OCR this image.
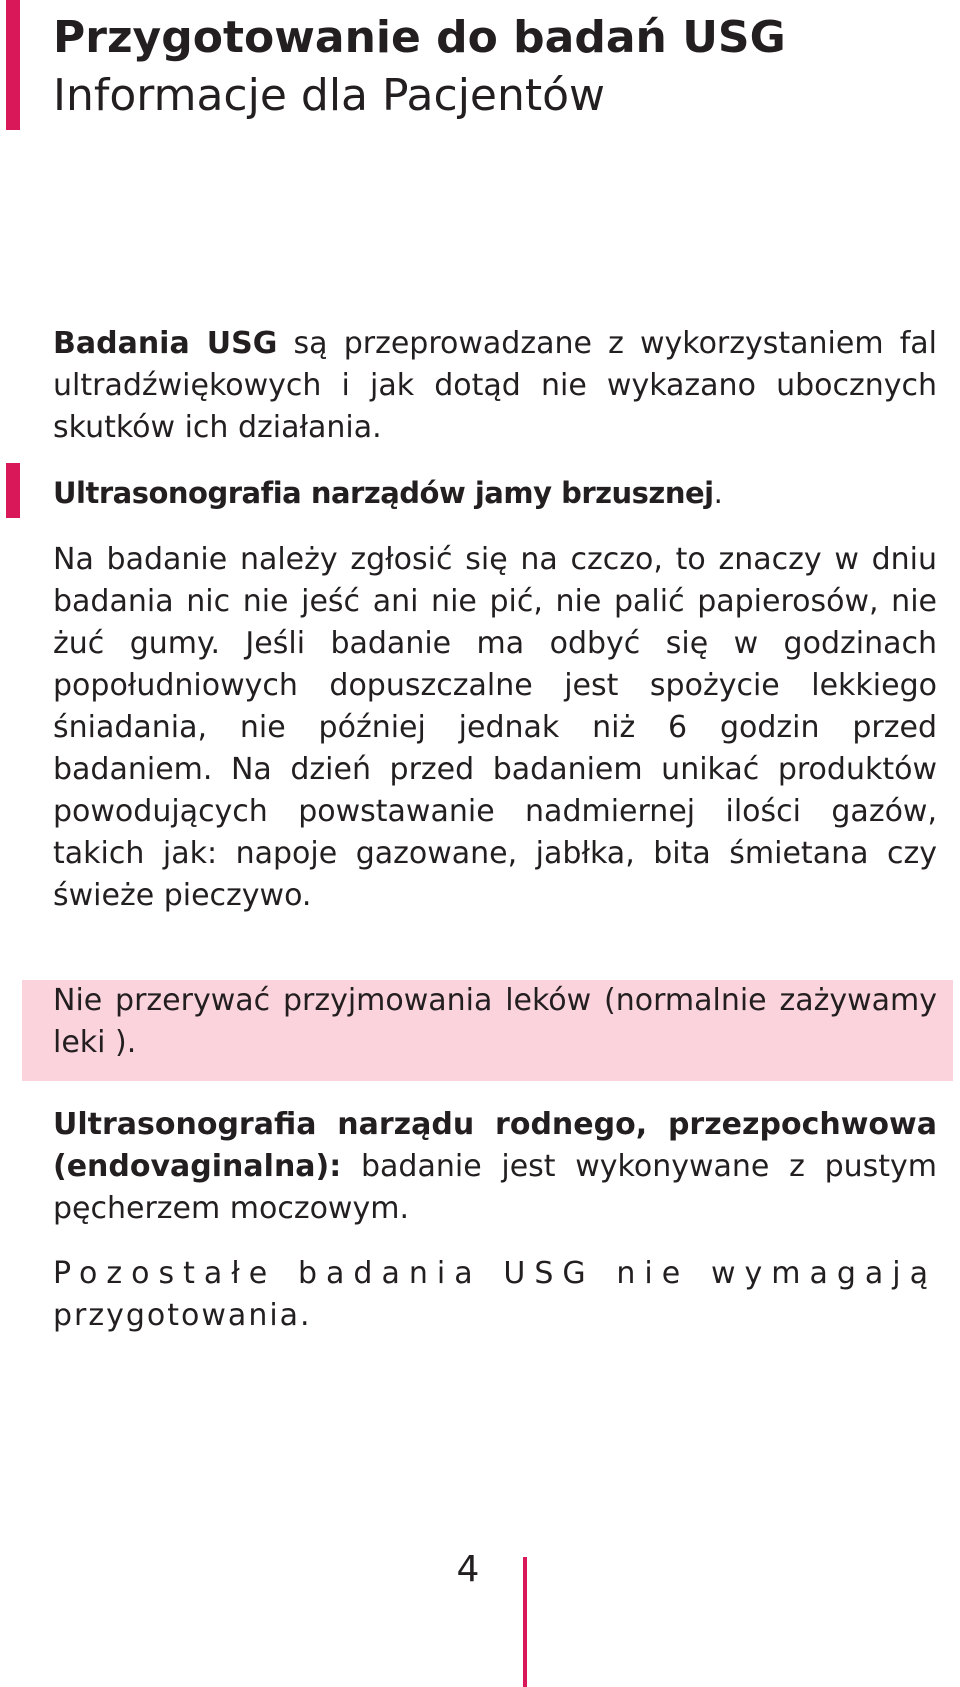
Przygotowanie do badań USG
Informacje dla Pacjentów

Badania USG są przeprowadzane z wykorzystaniem fal ultradźwiękowych i jak dotąd nie wykazano ubocznych skutków ich działania.

Ultrasonografia narządów jamy brzusznej.

Na badanie należy zgłosić się na czczo, to znaczy w dniu badania nic nie jeść ani nie pić, nie palić papierosów, nie żuć gumy. Jeśli badanie ma odbyć się w godzinach popołudniowych dopuszczalne jest spożycie lekkiego śniadania, nie później jednak niż 6 godzin przed badaniem. Na dzień przed badaniem unikać produktów powodujących powstawanie nadmiernej ilości gazów, takich jak: napoje gazowane, jabłka, bita śmietana czy świeże pieczywo.

Nie przerywać przyjmowania leków (normalnie zażywamy leki ).

Ultrasonografia narządu rodnego, przezpochwowa (endovaginalna): badanie jest wykonywane z pustym pęcherzem moczowym.

Pozostałe badania USG nie wymagają przygotowania.

4
